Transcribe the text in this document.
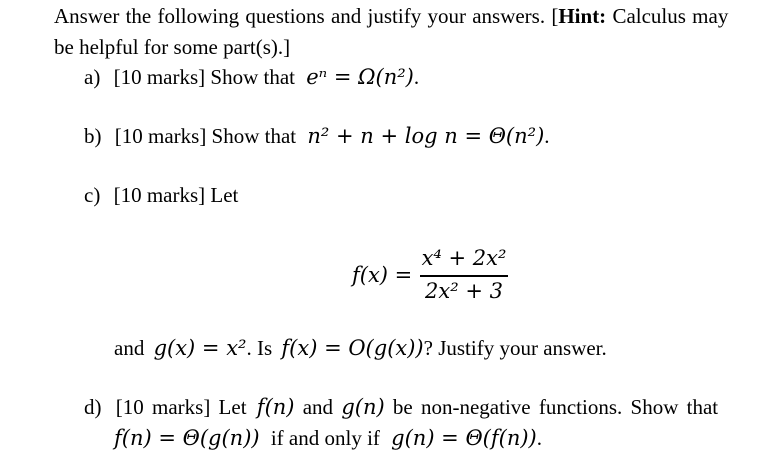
Answer the following questions and justify your answers. [Hint: Calculus may
be helpful for some part(s).]
a) [10 marks] Show that eⁿ = Ω(n²).
b) [10 marks] Show that n² + n + log n = Θ(n²).
c) [10 marks] Let
f(x) =
x⁴ + 2x²
2x² + 3
and g(x) = x². Is f(x) = O(g(x))? Justify your answer.
d) [10 marks] Let f(n) and g(n) be non-negative functions. Show that
f(n) = Θ(g(n)) if and only if g(n) = Θ(f(n)).
